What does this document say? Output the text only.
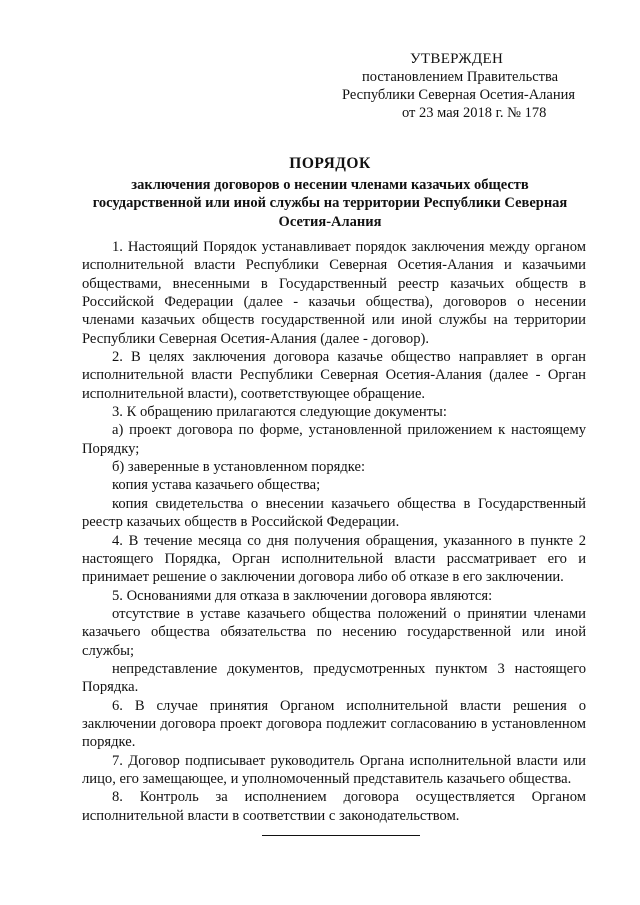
УТВЕРЖДЕН
постановлением Правительства
Республики Северная Осетия-Алания
от 23 мая 2018 г. № 178
ПОРЯДОК
заключения договоров о несении членами казачьих обществ государственной или иной службы на территории Республики Северная Осетия-Алания

1. Настоящий Порядок устанавливает порядок заключения между органом исполнительной власти Республики Северная Осетия-Алания и казачьими обществами, внесенными в Государственный реестр казачьих обществ в Российской Федерации (далее - казачьи общества), договоров о несении членами казачьих обществ государственной или иной службы на территории Республики Северная Осетия-Алания (далее - договор).

2. В целях заключения договора казачье общество направляет в орган исполнительной власти Республики Северная Осетия-Алания (далее - Орган исполнительной власти), соответствующее обращение.

3. К обращению прилагаются следующие документы:

а) проект договора по форме, установленной приложением к настоящему Порядку;

б) заверенные в установленном порядке:

копия устава казачьего общества;

копия свидетельства о внесении казачьего общества в Государственный реестр казачьих обществ в Российской Федерации.

4. В течение месяца со дня получения обращения, указанного в пункте 2 настоящего Порядка, Орган исполнительной власти рассматривает его и принимает решение о заключении договора либо об отказе в его заключении.

5. Основаниями для отказа в заключении договора являются:

отсутствие в уставе казачьего общества положений о принятии членами казачьего общества обязательства по несению государственной или иной службы;

непредставление документов, предусмотренных пунктом 3 настоящего Порядка.

6. В случае принятия Органом исполнительной власти решения о заключении договора проект договора подлежит согласованию в установленном порядке.

7. Договор подписывает руководитель Органа исполнительной власти или лицо, его замещающее, и уполномоченный представитель казачьего общества.

8. Контроль за исполнением договора осуществляется Органом исполнительной власти в соответствии с законодательством.
